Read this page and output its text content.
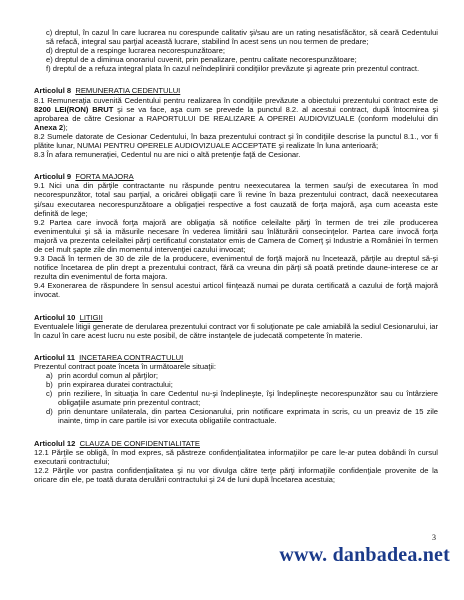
c) dreptul, în cazul în care lucrarea nu corespunde calitativ şi/sau are un rating nesatisfăcător, să ceară Cedentului să refacă, integral sau parţial această lucrare, stabilind în acest sens un nou termen de predare;

d) dreptul de a respinge lucrarea necorespunzătoare;

e) dreptul de a diminua onorariul cuvenit, prin penalizare, pentru calitate necorespunzătoare;

f) dreptul de a refuza integral plata în cazul neîndeplinirii condiţiilor prevăzute şi agreate prin prezentul contract.

Articolul 8 REMUNERATIA CEDENTULUI

8.1 Remuneraţia cuvenită Cedentului pentru realizarea în condiţiile prevăzute a obiectului prezentului contract este de 8200 LEI(RON) BRUT şi se va face, aşa cum se prevede la punctul 8.2. al acestui contract, după întocmirea şi aprobarea de către Cesionar a RAPORTULUI DE REALIZARE A OPEREI AUDIOVIZUALE (conform modelului din Anexa 2);

8.2 Sumele datorate de Cesionar Cedentului, în baza prezentului contract şi în condiţiile descrise la punctul 8.1., vor fi plătite lunar, NUMAI PENTRU OPERELE AUDIOVIZUALE ACCEPTATE şi realizate în luna anterioară;

8.3 În afara remuneraţiei, Cedentul nu are nici o altă pretenţie faţă de Cesionar.

Articolul 9 FORTA MAJORA

9.1 Nici una din părţile contractante nu răspunde pentru neexecutarea la termen sau/şi de executarea în mod necorespunzător, total sau parţial, a oricărei obligaţii care îi revine în baza prezentului contract, dacă neexecutarea şi/sau executarea necorespunzătoare a obligaţiei respective a fost cauzată de forţa majoră, aşa cum aceasta este definită de lege;

9.2 Partea care invocă forţa majoră are obligaţia să notifice celeilalte părţi în termen de trei zile producerea evenimentului şi să ia măsurile necesare în vederea limitării sau înlăturării consecinţelor. Partea care invocă forţa majoră va prezenta celeilaltei părţi certificatul constatator emis de Camera de Comerţ şi Industrie a României în termen de cel mult şapte zile din momentul intervenţiei cazului invocat;

9.3 Dacă în termen de 30 de zile de la producere, evenimentul de forţă majoră nu încetează, părţile au dreptul să-şi notifice încetarea de plin drept a prezentului contract, fără ca vreuna din părţi să poată pretinde daune-interese ce ar rezulta din evenimentul de forta majora.

9.4 Exonerarea de răspundere în sensul acestui articol fiinţează numai pe durata certificată a cazului de forţă majoră invocat.

Articolul 10 LITIGII

Eventualele litigii generate de derularea prezentului contract vor fi soluţionate pe cale amiabilă la sediul Cesionarului, iar în cazul în care acest lucru nu este posibil, de către instanţele de judecată competente în materie.

Articolul 11 INCETAREA CONTRACTULUI

Prezentul contract poate înceta în următoarele situaţii:

a) prin acordul comun al părţilor;
b) prin expirarea duratei contractului;
c) prin reziliere, în situaţia în care Cedentul nu-şi îndeplineşte, îşi îndeplineşte necorespunzător sau cu întârziere obligaţiile asumate prin prezentul contract;
d) prin denuntare unilaterala, din partea Cesionarului, prin notificare exprimata in scris, cu un preaviz de 15 zile inainte, timp in care partile isi vor executa obligatiile contractuale.

Articolul 12 CLAUZA DE CONFIDENTIALITATE

12.1 Părţile se obligă, în mod expres, să păstreze confidenţialitatea informaţiilor pe care le-ar putea dobândi în cursul executarii contractului;

12.2 Părţile vor pastra confidenţialitatea şi nu vor divulga către terţe părţi informaţiile confidenţiale provenite de la oricare din ele, pe toată durata derulării contractului şi 24 de luni după încetarea acestuia;

3
www. danbadea.net
